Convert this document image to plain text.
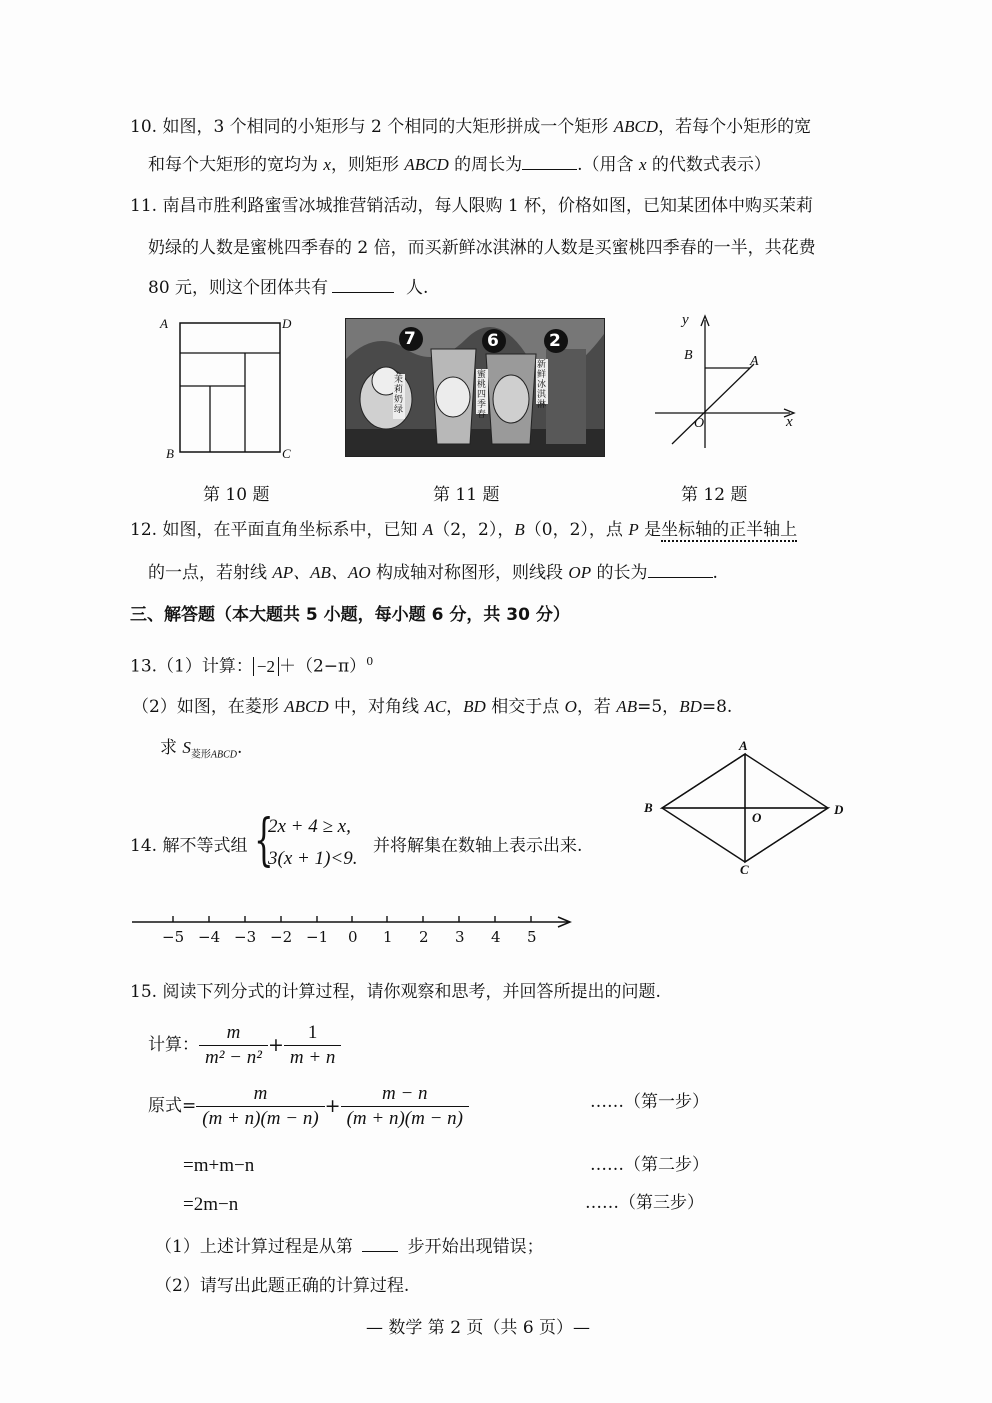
10. 如图，3 个相同的小矩形与 2 个相同的大矩形拼成一个矩形 ABCD，若每个小矩形的宽
和每个大矩形的宽均为 x，则矩形 ABCD 的周长为	.（用含 x 的代数式表示）
11. 南昌市胜利路蜜雪冰城推营销活动，每人限购 1 杯，价格如图，已知某团体中购买茉莉
奶绿的人数是蜜桃四季春的 2 倍，而买新鲜冰淇淋的人数是买蜜桃四季春的一半，共花费
80 元，则这个团体共有	人.
A	D
B	C
第 10 题
7	6	2
茉莉奶绿
蜜桃四季春
新鲜冰淇淋
第 11 题
y
x
B	A
O
第 12 题
12. 如图，在平面直角坐标系中，已知 A（2，2），B（0，2），点 P 是坐标轴的正半轴上
的一点，若射线 AP、AB、AO 构成轴对称图形，则线段 OP 的长为	.
三、解答题（本大题共 5 小题，每小题 6 分，共 30 分）
13.（1）计算： $-2 +(2-\pi)^0$
（2）如图，在菱形 ABCD 中，对角线 AC，BD 相交于点 O，若 AB=5，BD=8.
求 $S_{菱形ABCD}$.	A
B	D
C
O
14. 解不等式组 {
2x + 4 ≥ x,
3(x + 1)<9.
并将解集在数轴上表示出来.
−5 −4 −3 −2 −1 0 1 2 3 4 5
15. 阅读下列分式的计算过程，请你观察和思考，并回答所提出的问题.
计算： $\frac{m}{\text{m² − n²}} + \frac{1}{m + n}$
原式= $\frac{m}{(m + n)(m - n)} + \frac{m - n}{(m + n)(m - n)}$	……（第一步）
=m+m−n	……（第二步）
=2m−n	……（第三步）
（1）上述计算过程是从第	步开始出现错误；
（2）请写出此题正确的计算过程.
— 数学 第 2 页（共 6 页）—
